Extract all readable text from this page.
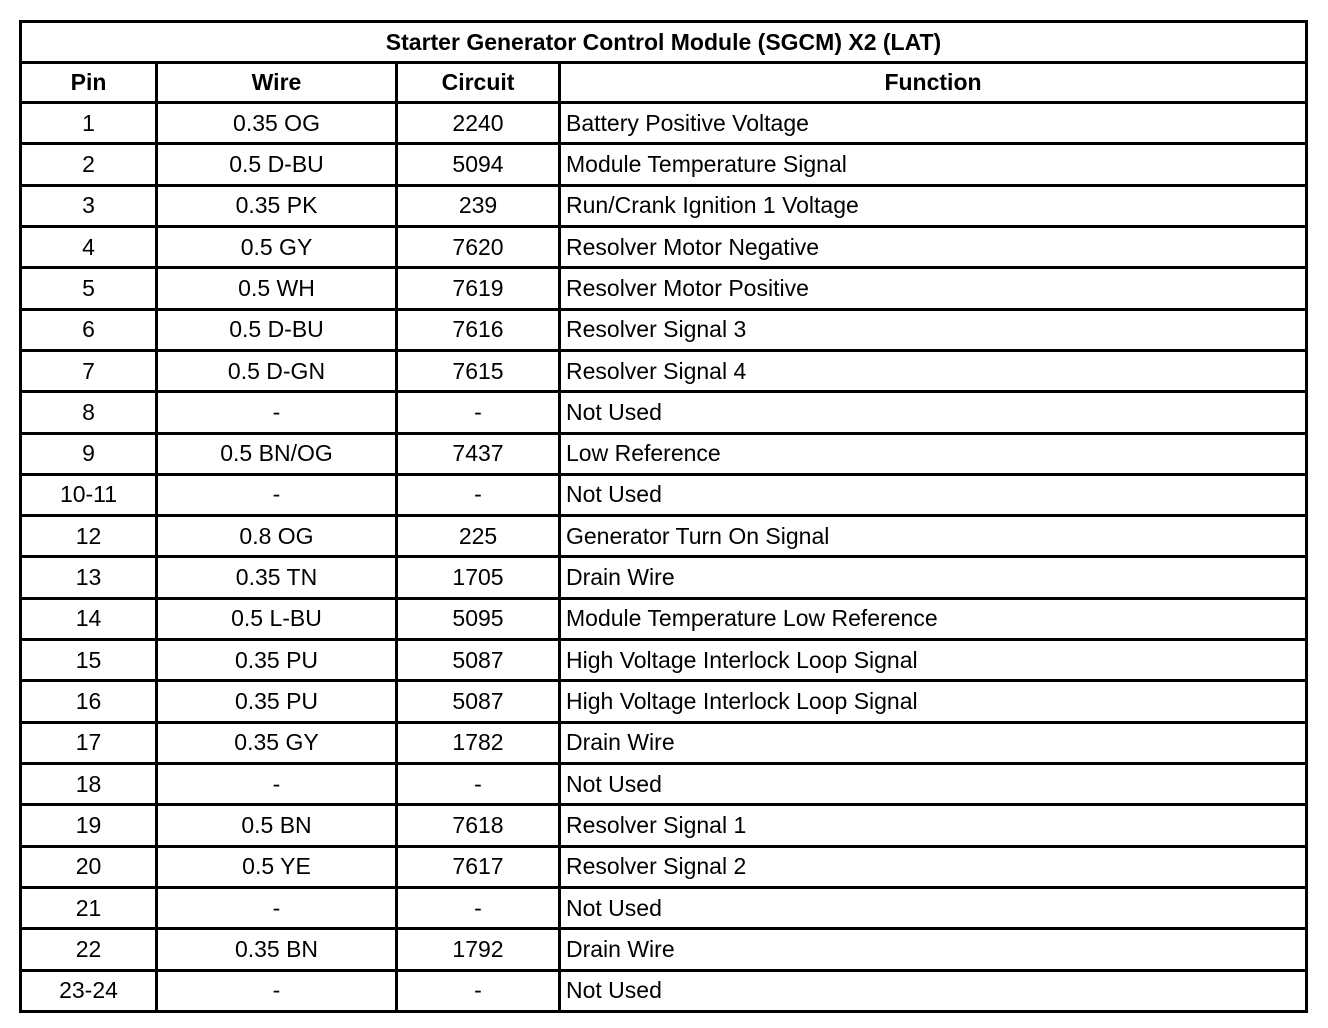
Starter Generator Control Module (SGCM) X2 (LAT)			
Pin	Wire	Circuit	Function
1	0.35 OG	2240	Battery Positive Voltage
2	0.5 D-BU	5094	Module Temperature Signal
3	0.35 PK	239	Run/Crank Ignition 1 Voltage
4	0.5 GY	7620	Resolver Motor Negative
5	0.5 WH	7619	Resolver Motor Positive
6	0.5 D-BU	7616	Resolver Signal 3
7	0.5 D-GN	7615	Resolver Signal 4
8	-	-	Not Used
9	0.5 BN/OG	7437	Low Reference
10-11	-	-	Not Used
12	0.8 OG	225	Generator Turn On Signal
13	0.35 TN	1705	Drain Wire
14	0.5 L-BU	5095	Module Temperature Low Reference
15	0.35 PU	5087	High Voltage Interlock Loop Signal
16	0.35 PU	5087	High Voltage Interlock Loop Signal
17	0.35 GY	1782	Drain Wire
18	-	-	Not Used
19	0.5 BN	7618	Resolver Signal 1
20	0.5 YE	7617	Resolver Signal 2
21	-	-	Not Used
22	0.35 BN	1792	Drain Wire
23-24	-	-	Not Used
